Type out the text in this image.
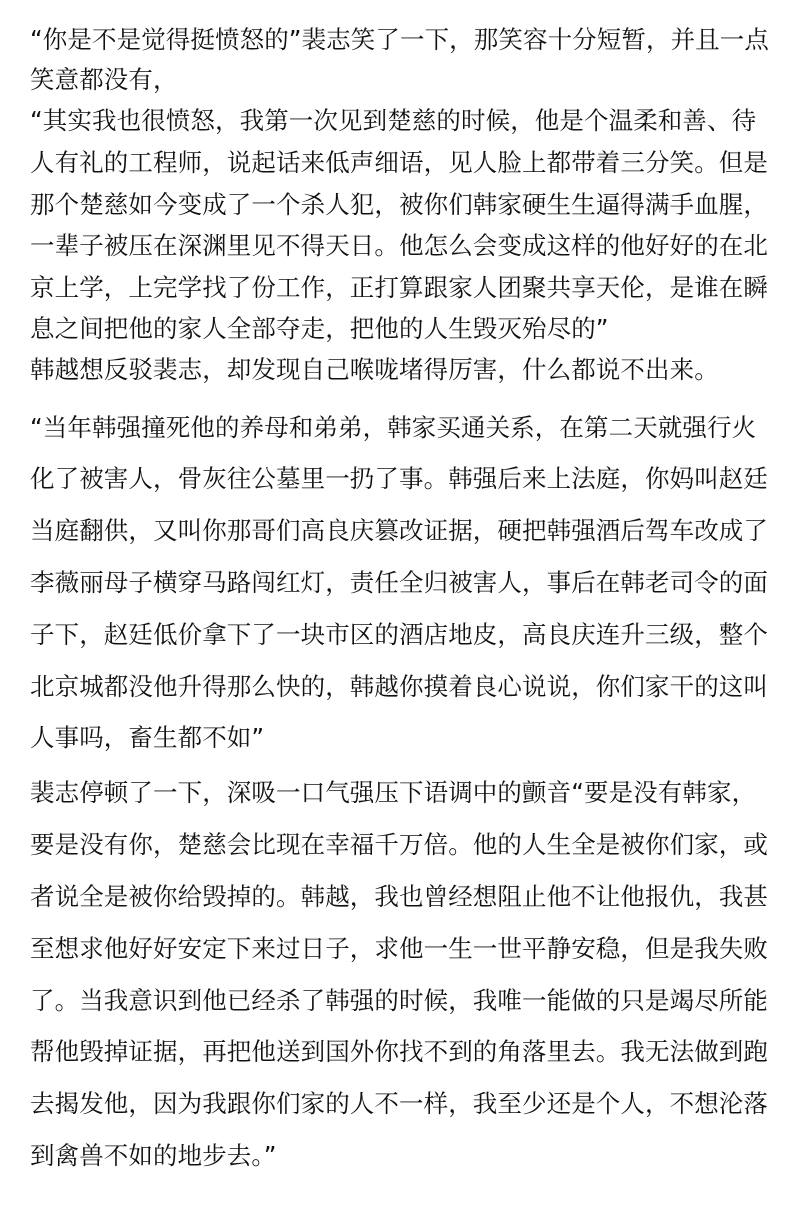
“你是不是觉得挺愤怒的”裴志笑了一下，那笑容十分短暂，并且一点

笑意都没有，

“其实我也很愤怒，我第一次见到楚慈的时候，他是个温柔和善、待

人有礼的工程师，说起话来低声细语，见人脸上都带着三分笑。但是

那个楚慈如今变成了一个杀人犯，被你们韩家硬生生逼得满手血腥，

一辈子被压在深渊里见不得天日。他怎么会变成这样的他好好的在北

京上学，上完学找了份工作，正打算跟家人团聚共享天伦，是谁在瞬

息之间把他的家人全部夺走，把他的人生毁灭殆尽的”

韩越想反驳裴志，却发现自己喉咙堵得厉害，什么都说不出来。

“当年韩强撞死他的养母和弟弟，韩家买通关系，在第二天就强行火

化了被害人，骨灰往公墓里一扔了事。韩强后来上法庭，你妈叫赵廷

当庭翻供，又叫你那哥们高良庆篡改证据，硬把韩强酒后驾车改成了

李薇丽母子横穿马路闯红灯，责任全归被害人，事后在韩老司令的面

子下，赵廷低价拿下了一块市区的酒店地皮，高良庆连升三级，整个

北京城都没他升得那么快的，韩越你摸着良心说说，你们家干的这叫

人事吗，畜生都不如”

裴志停顿了一下，深吸一口气强压下语调中的颤音“要是没有韩家，

要是没有你，楚慈会比现在幸福千万倍。他的人生全是被你们家，或

者说全是被你给毁掉的。韩越，我也曾经想阻止他不让他报仇，我甚

至想求他好好安定下来过日子，求他一生一世平静安稳，但是我失败

了。当我意识到他已经杀了韩强的时候，我唯一能做的只是竭尽所能

帮他毁掉证据，再把他送到国外你找不到的角落里去。我无法做到跑

去揭发他，因为我跟你们家的人不一样，我至少还是个人，不想沦落

到禽兽不如的地步去。”
